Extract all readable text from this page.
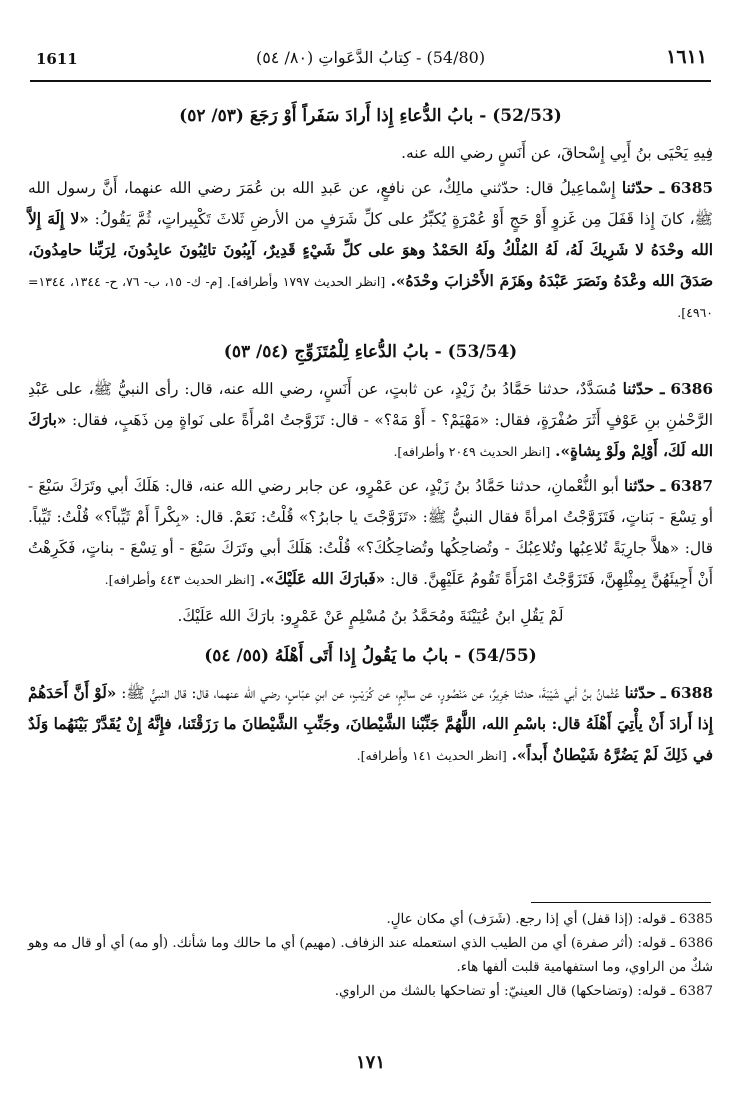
1611	(54/80) - كِتابُ الدَّعَواتِ (٨٠/ ٥٤)	١٦١١
(52/53) - بابُ الدُّعاءِ إِذا أَرادَ سَفَراً أَوْ رَجَعَ (٥٣/ ٥٢)

فِيهِ يَحْيَى بنُ أَبِي إِسْحاقَ، عن أَنَسٍ رضي الله عنه.

6385 ـ حدّثنا إِسْماعِيلُ قال: حدّثني مالِكٌ، عن نافعٍ، عن عَبدِ الله بن عُمَرَ رضي الله عنهما، أَنَّ رسول الله ﷺ، كانَ إِذا قَفَلَ مِن غَزوٍ أَوْ حَجٍ أَوْ عُمْرَةٍ يُكبِّرُ على كلِّ شَرَفٍ من الأرضِ ثَلاثَ تَكْبِيراتٍ، ثُمَّ يَقُولُ: «لا إِلَهَ إِلاَّ الله وحْدَهُ لا شَرِيكَ لَهُ، لَهُ المُلْكُ ولَهُ الحَمْدُ وهوَ على كلِّ شَيْءٍ قَدِيرٌ، آيِبُونَ تائِبُونَ عابِدُونَ، لِرَبِّنا حامِدُونَ، صَدَقَ الله وعْدَهُ ونَصَرَ عَبْدَهُ وهَزَمَ الأَحْزابَ وحْدَهُ». [انظر الحديث ١٧٩٧ وأطرافه]. [م- ك- ١٥، ب- ٧٦، ح- ١٣٤٤، ١٣٤٤= ٤٩٦٠].

(53/54) - بابُ الدُّعاءِ لِلْمُتَزَوِّجِ (٥٤/ ٥٣)

6386 ـ حدّثنا مُسَدَّدٌ، حدثنا حَمَّادُ بنُ زَيْدٍ، عن ثابتٍ، عن أَنَسٍ، رضي الله عنه، قال: رأى النبيُّ ﷺ، على عَبْدِ الرَّحْمٰنِ بنِ عَوْفٍ أَثَرَ صُفْرَةٍ، فقال: «مَهْيَمْ؟ - أَوْ مَهْ؟» - قال: تَزَوَّجتُ امْرأَةً على نَواةٍ مِن ذَهَبٍ، فقال: «بارَكَ الله لَكَ، أَوْلِمْ ولَوْ بِشاةٍ». [انظر الحديث ٢٠٤٩ وأطرافه].

6387 ـ حدّثنا أبو النُّعْمانِ، حدثنا حَمَّادُ بنُ زَيْدٍ، عن عَمْرٍو، عن جابر رضي الله عنه، قال: هَلَكَ أبي وتَرَكَ سَبْعَ - أو تِسْعَ - بَناتٍ، فَتَزَوَّجْتُ امرأةً فقال النبيُّ ﷺ: «تَزَوَّجْتَ يا جابرُ؟» قُلْتُ: نَعَمْ. قال: «بِكْراً أَمْ ثَيِّباً؟» قُلْتُ: ثَيِّباً. قال: «هلاَّ جارِيَةً تُلاعِبُها وتُلاعِبُكَ - وتُضاحِكُها وتُضاحِكُكَ؟» قُلْتُ: هَلَكَ أبي وتَرَكَ سَبْعَ - أو تِسْعَ - بناتٍ، فَكَرِهْتُ أَنْ أَجِيئَهُنَّ بِمِثْلِهِنَّ، فَتَزَوَّجْتُ امْرَأَةً تَقُومُ عَلَيْهِنَّ. قال: «فَبارَكَ الله عَلَيْكَ». [انظر الحديث ٤٤٣ وأطرافه].

لَمْ يَقُلِ ابنُ عُيَيْنَةَ ومُحَمَّدُ بنُ مُسْلِمٍ عَنْ عَمْرٍو: بارَكَ الله عَلَيْكَ.

(54/55) - بابُ ما يَقُولُ إِذا أَتَى أَهْلَهُ (٥٥/ ٥٤)

6388 ـ حدّثنا عُثْمانُ بنُ أبي شَيْبَةَ، حدثنا جَرِيرٌ، عن مَنْصُورٍ، عن سالِمٍ، عن كُرَيْبٍ، عن ابنِ عبّاسٍ، رضي الله عنهما، قال: قال النبيُّ ﷺ: «لَوْ أَنَّ أَحَدَهُمْ إِذا أَرادَ أَنْ يأْتِيَ أَهْلَهُ قال: باسْمِ الله، اللَّهُمَّ جَنِّبْنا الشَّيْطانَ، وجَنِّبِ الشَّيْطانَ ما رَزَقْتَنا، فإِنَّهُ إِنْ يُقَدَّرْ بَيْنَهُما وَلَدٌ في ذَلِكَ لَمْ يَضُرَّهُ شَيْطانٌ أَبداً». [انظر الحديث ١٤١ وأطرافه].

6385 ـ قوله: (إذا قفل) أي إذا رجع. (شَرَف) أي مكان عالٍ.

6386 ـ قوله: (أثر صفرة) أي من الطيب الذي استعمله عند الزفاف. (مهيم) أي ما حالك وما شأنك. (أو مه) أي أو قال مه وهو شكٌ من الراوي، وما استفهامية قلبت ألفها هاء.

6387 ـ قوله: (وتضاحكها) قال العينيّ: أو تضاحكها بالشك من الراوي.

١٧١
